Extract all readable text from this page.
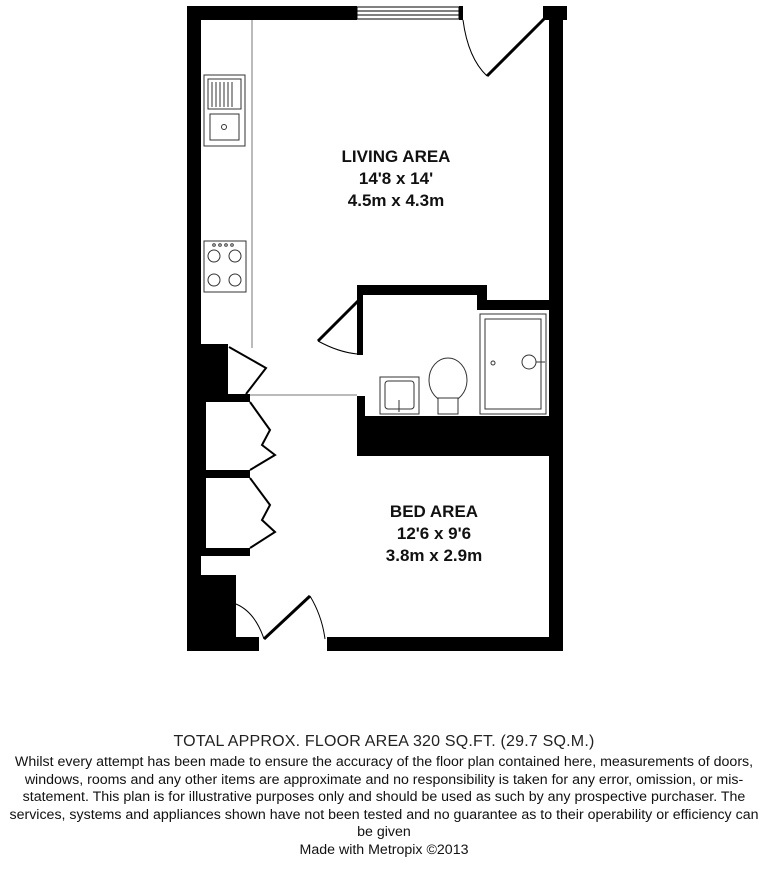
LIVING AREA
14'8 x 14'
4.5m x 4.3m
BED AREA
12'6 x 9'6
3.8m x 2.9m
TOTAL APPROX. FLOOR AREA 320 SQ.FT. (29.7 SQ.M.)
Whilst every attempt has been made to ensure the accuracy of the floor plan contained here, measurements of doors, windows, rooms and any other items are approximate and no responsibility is taken for any error, omission, or mis-statement. This plan is for illustrative purposes only and should be used as such by any prospective purchaser. The services, systems and appliances shown have not been tested and no guarantee as to their operability or efficiency can be given
Made with Metropix ©2013
